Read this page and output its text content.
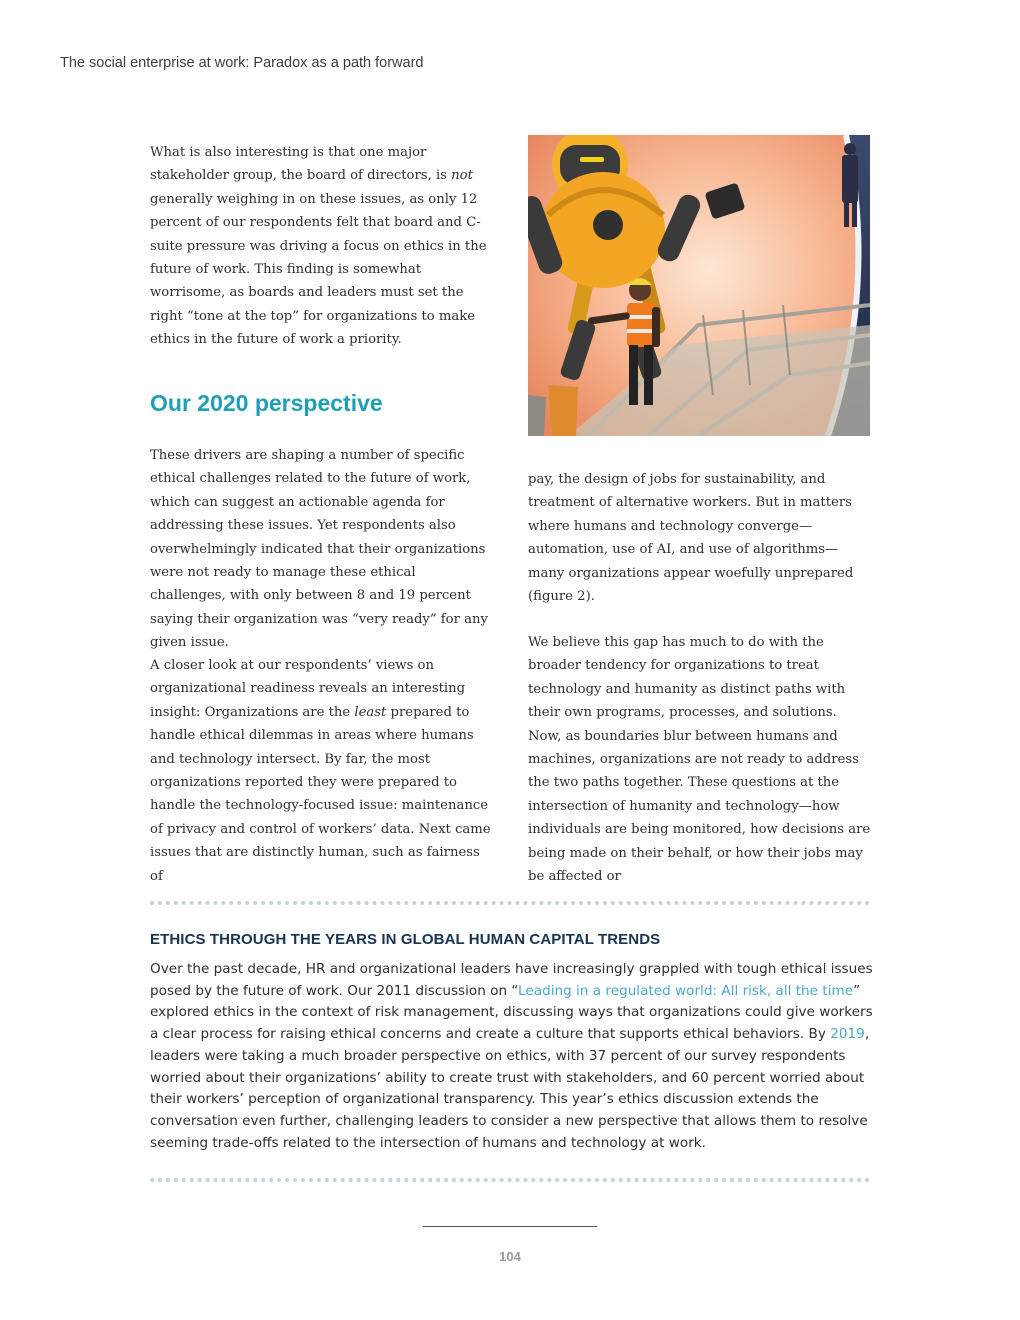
The social enterprise at work: Paradox as a path forward

What is also interesting is that one major stakeholder group, the board of directors, is not generally weighing in on these issues, as only 12 percent of our respondents felt that board and C-suite pressure was driving a focus on ethics in the future of work. This finding is somewhat worrisome, as boards and leaders must set the right “tone at the top” for organizations to make ethics in the future of work a priority.

Our 2020 perspective

These drivers are shaping a number of specific ethical challenges related to the future of work, which can suggest an actionable agenda for addressing these issues. Yet respondents also overwhelmingly indicated that their organizations were not ready to manage these ethical challenges, with only between 8 and 19 percent saying their organization was “very ready” for any given issue.

A closer look at our respondents’ views on organizational readiness reveals an interesting insight: Organizations are the least prepared to handle ethical dilemmas in areas where humans and technology intersect. By far, the most organizations reported they were prepared to handle the technology-focused issue: maintenance of privacy and control of workers’ data. Next came issues that are distinctly human, such as fairness of

pay, the design of jobs for sustainability, and treatment of alternative workers. But in matters where humans and technology converge—automation, use of AI, and use of algorithms—many organizations appear woefully unprepared (figure 2).

We believe this gap has much to do with the broader tendency for organizations to treat technology and humanity as distinct paths with their own programs, processes, and solutions. Now, as boundaries blur between humans and machines, organizations are not ready to address the two paths together. These questions at the intersection of humanity and technology—how individuals are being monitored, how decisions are being made on their behalf, or how their jobs may be affected or

ETHICS THROUGH THE YEARS IN GLOBAL HUMAN CAPITAL TRENDS

Over the past decade, HR and organizational leaders have increasingly grappled with tough ethical issues posed by the future of work. Our 2011 discussion on “Leading in a regulated world: All risk, all the time” explored ethics in the context of risk management, discussing ways that organizations could give workers a clear process for raising ethical concerns and create a culture that supports ethical behaviors. By 2019, leaders were taking a much broader perspective on ethics, with 37 percent of our survey respondents worried about their organizations’ ability to create trust with stakeholders, and 60 percent worried about their workers’ perception of organizational transparency. This year’s ethics discussion extends the conversation even further, challenging leaders to consider a new perspective that allows them to resolve seeming trade-offs related to the intersection of humans and technology at work.

104
